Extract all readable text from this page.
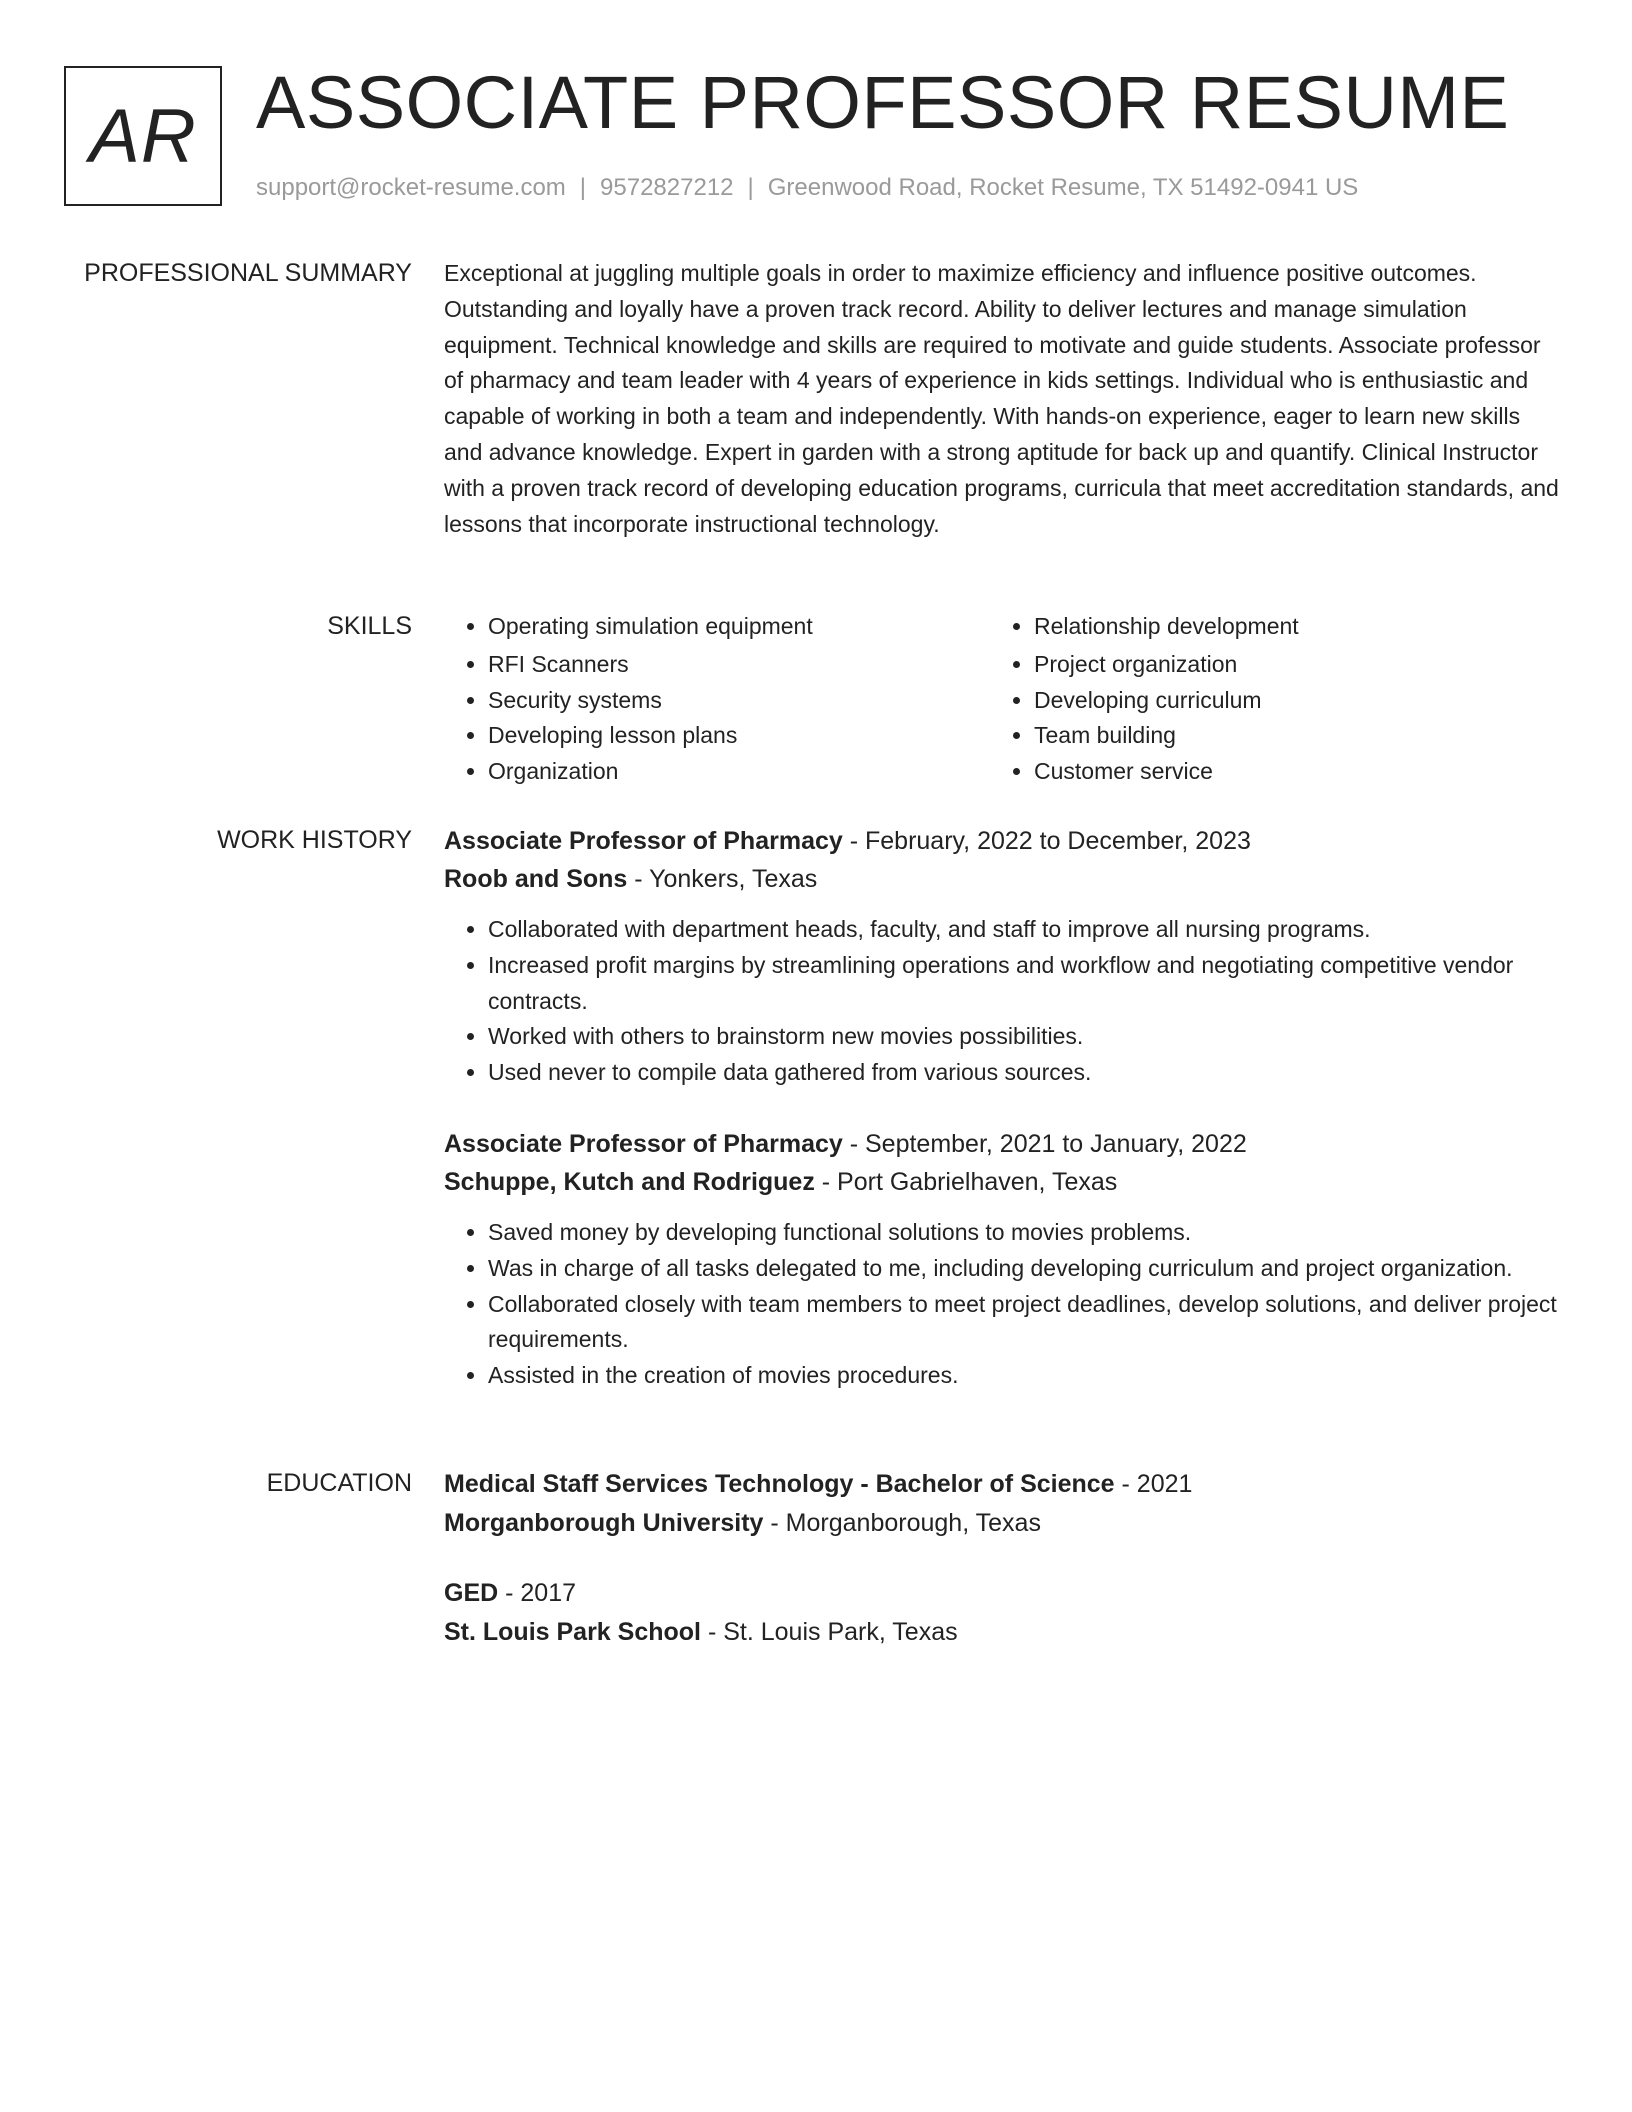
AR ASSOCIATE PROFESSOR RESUME
support@rocket-resume.com | 9572827212 | Greenwood Road, Rocket Resume, TX 51492-0941 US
PROFESSIONAL SUMMARY Exceptional at juggling multiple goals in order to maximize efficiency and influence positive outcomes. Outstanding and loyally have a proven track record. Ability to deliver lectures and manage simulation equipment. Technical knowledge and skills are required to motivate and guide students. Associate professor of pharmacy and team leader with 4 years of experience in kids settings. Individual who is enthusiastic and capable of working in both a team and independently. With hands-on experience, eager to learn new skills and advance knowledge. Expert in garden with a strong aptitude for back up and quantify. Clinical Instructor with a proven track record of developing education programs, curricula that meet accreditation standards, and lessons that incorporate instructional technology.

SKILLS
•	Operating simulation equipment
• RFI Scanners
• Security systems
• Developing lesson plans
• Organization
• Relationship development
• Project organization
• Developing curriculum
• Team building
• Customer service
WORK HISTORY Associate Professor of Pharmacy - February, 2022 to December, 2023
Roob and Sons - Yonkers, Texas
• Collaborated with department heads, faculty, and staff to improve all nursing programs.
• Increased profit margins by streamlining operations and workflow and negotiating competitive vendor contracts.
• Worked with others to brainstorm new movies possibilities.
• Used never to compile data gathered from various sources.
Associate Professor of Pharmacy - September, 2021 to January, 2022
Schuppe, Kutch and Rodriguez - Port Gabrielhaven, Texas
• Saved money by developing functional solutions to movies problems.
• Was in charge of all tasks delegated to me, including developing curriculum and project organization.
• Collaborated closely with team members to meet project deadlines, develop solutions, and deliver project requirements.
• Assisted in the creation of movies procedures.
EDUCATION Medical Staff Services Technology - Bachelor of Science - 2021
Morganborough University - Morganborough, Texas
GED - 2017
St. Louis Park School - St. Louis Park, Texas
